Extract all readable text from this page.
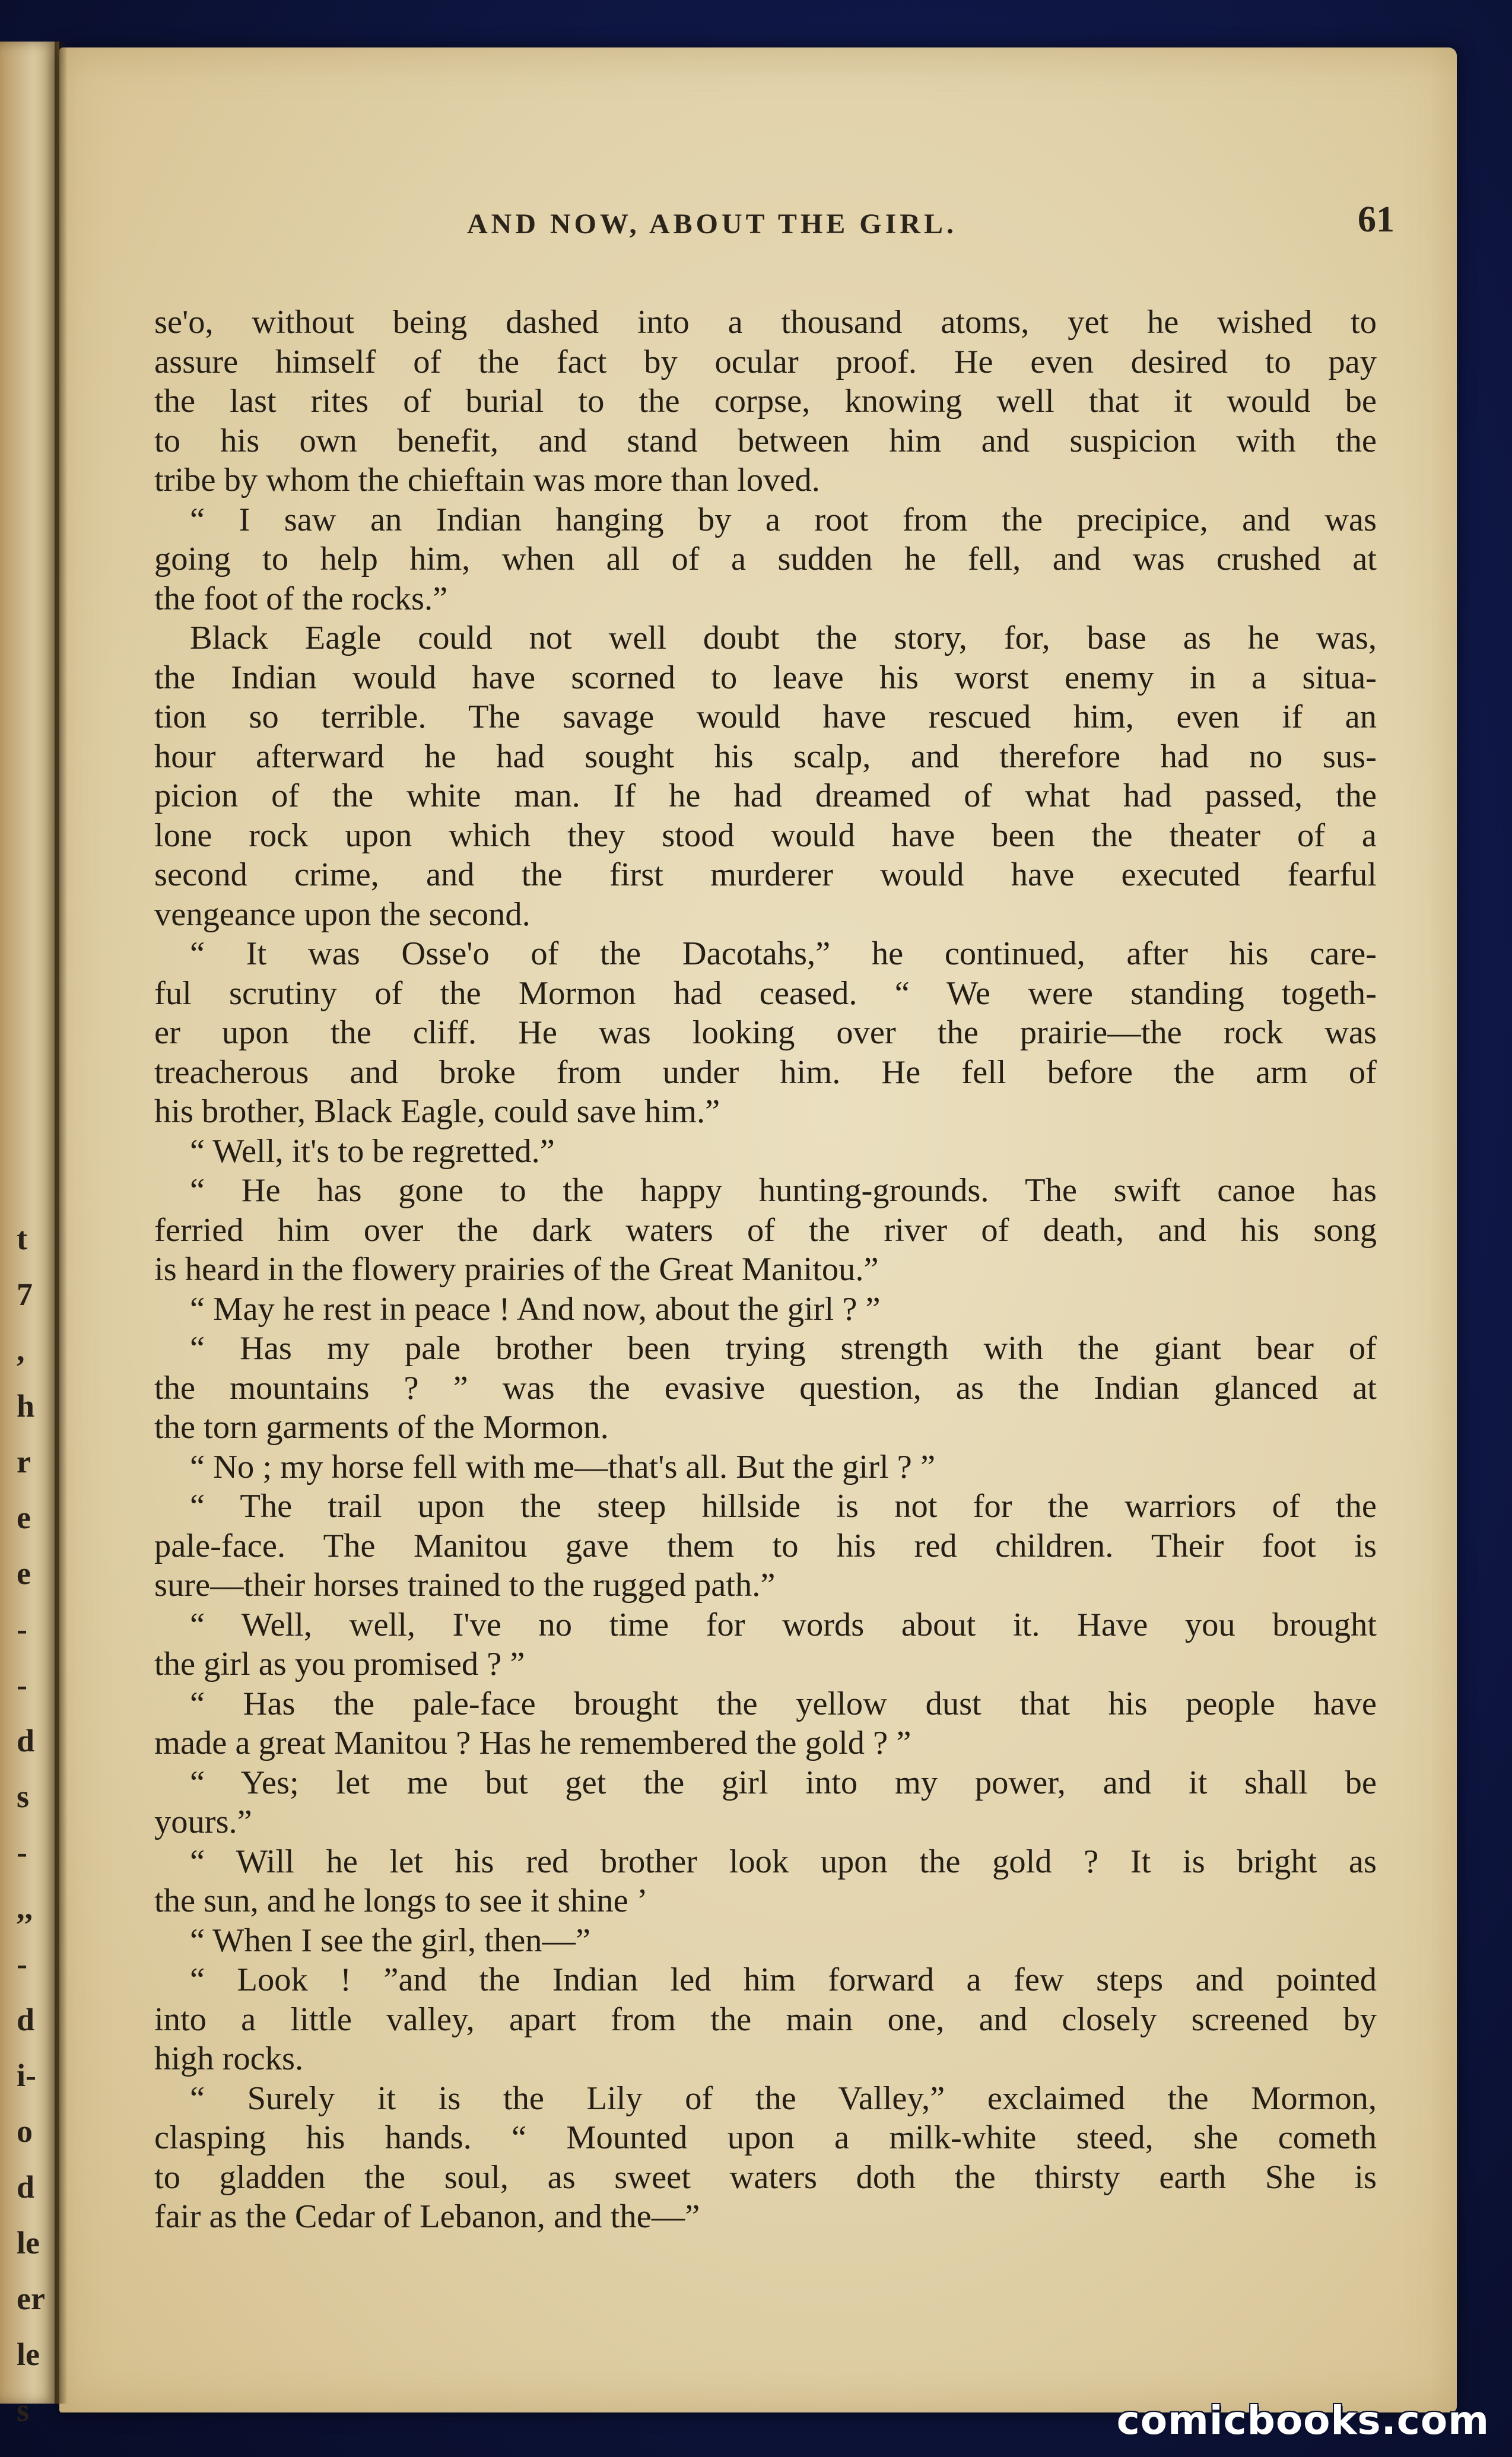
t
7
,
h
r
e
e
-
-
d
s
-
,,
-
d
i-
o
d
le
er
le
s
AND NOW, ABOUT THE GIRL.	61
se'o, without being dashed into a thousand atoms, yet he wished to
assure himself of the fact by ocular proof. He even desired to pay
the last rites of burial to the corpse, knowing well that it would be
to his own benefit, and stand between him and suspicion with the
tribe by whom the chieftain was more than loved.
“ I saw an Indian hanging by a root from the precipice, and was
going to help him, when all of a sudden he fell, and was crushed at
the foot of the rocks.”
Black Eagle could not well doubt the story, for, base as he was,
the Indian would have scorned to leave his worst enemy in a situa-
tion so terrible. The savage would have rescued him, even if an
hour afterward he had sought his scalp, and therefore had no sus-
picion of the white man. If he had dreamed of what had passed, the
lone rock upon which they stood would have been the theater of a
second crime, and the first murderer would have executed fearful
vengeance upon the second.
“ It was Osse'o of the Dacotahs,” he continued, after his care-
ful scrutiny of the Mormon had ceased. “ We were standing togeth-
er upon the cliff. He was looking over the prairie—the rock was
treacherous and broke from under him. He fell before the arm of
his brother, Black Eagle, could save him.”
“ Well, it's to be regretted.”
“ He has gone to the happy hunting-grounds. The swift canoe has
ferried him over the dark waters of the river of death, and his song
is heard in the flowery prairies of the Great Manitou.”
“ May he rest in peace ! And now, about the girl ? ”
“ Has my pale brother been trying strength with the giant bear of
the mountains ? ” was the evasive question, as the Indian glanced at
the torn garments of the Mormon.
“ No ; my horse fell with me—that's all. But the girl ? ”
“ The trail upon the steep hillside is not for the warriors of the
pale-face. The Manitou gave them to his red children. Their foot is
sure—their horses trained to the rugged path.”
“ Well, well, I've no time for words about it. Have you brought
the girl as you promised ? ”
“ Has the pale-face brought the yellow dust that his people have
made a great Manitou ? Has he remembered the gold ? ”
“ Yes; let me but get the girl into my power, and it shall be
yours.”
“ Will he let his red brother look upon the gold ? It is bright as
the sun, and he longs to see it shine ’
“ When I see the girl, then—”
“ Look ! ”and the Indian led him forward a few steps and pointed
into a little valley, apart from the main one, and closely screened by
high rocks.
“ Surely it is the Lily of the Valley,” exclaimed the Mormon,
clasping his hands. “ Mounted upon a milk-white steed, she cometh
to gladden the soul, as sweet waters doth the thirsty earth She is
fair as the Cedar of Lebanon, and the—”
comicbooks.com
